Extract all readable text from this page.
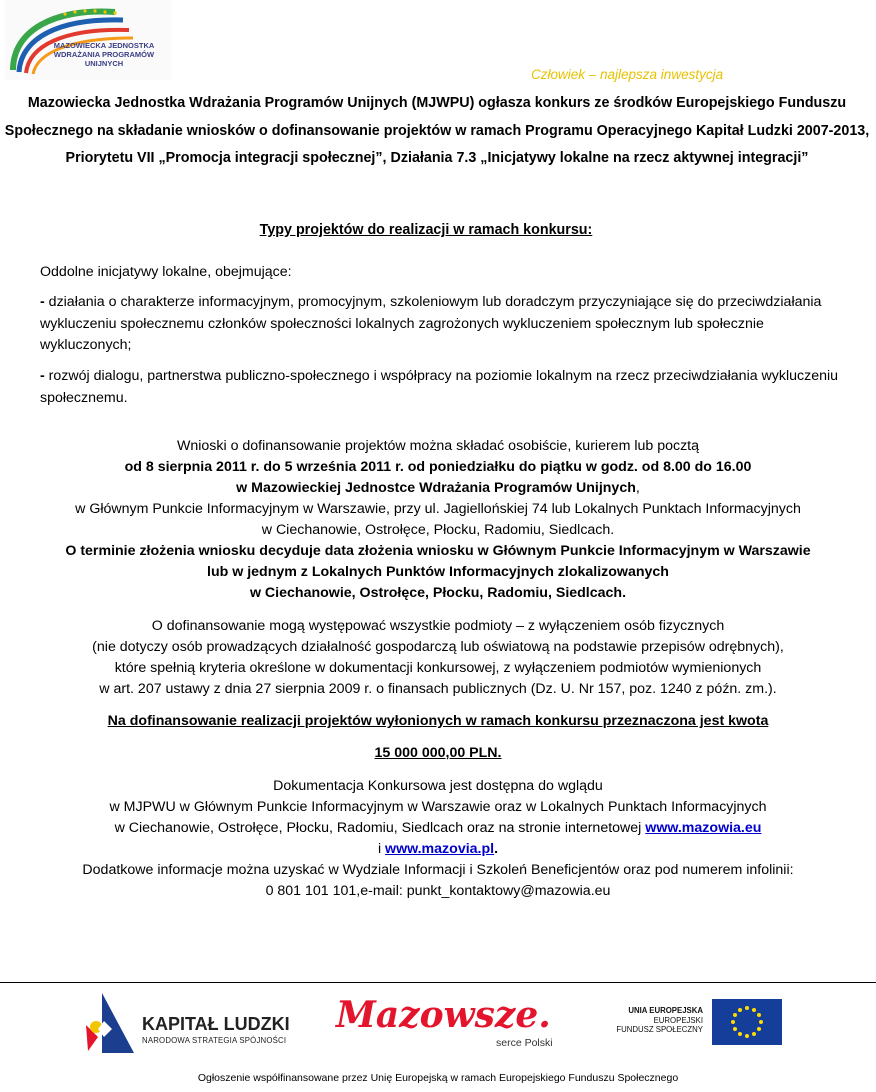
MAZOWIECKA JEDNOSTKA WDRAŻANIA PROGRAMÓW UNIJNYCH
Człowiek – najlepsza inwestycja
Mazowiecka Jednostka Wdrażania Programów Unijnych (MJWPU) ogłasza konkurs ze środków Europejskiego Funduszu Społecznego na składanie wniosków o dofinansowanie projektów w ramach Programu Operacyjnego Kapitał Ludzki 2007-2013, Priorytetu VII „Promocja integracji społecznej”, Działania 7.3 „Inicjatywy lokalne na rzecz aktywnej integracji”
Typy projektów do realizacji w ramach konkursu:
Oddolne inicjatywy lokalne, obejmujące:
- działania o charakterze informacyjnym, promocyjnym, szkoleniowym lub doradczym przyczyniające się do przeciwdziałania wykluczeniu społecznemu członków społeczności lokalnych zagrożonych wykluczeniem społecznym lub społecznie wykluczonych;
- rozwój dialogu, partnerstwa publiczno-społecznego i współpracy na poziomie lokalnym na rzecz przeciwdziałania wykluczeniu społecznemu.
Wnioski o dofinansowanie projektów można składać osobiście, kurierem lub pocztą
od 8 sierpnia 2011 r. do 5 września 2011 r. od poniedziałku do piątku w godz. od 8.00 do 16.00
w Mazowieckiej Jednostce Wdrażania Programów Unijnych,
w Głównym Punkcie Informacyjnym w Warszawie, przy ul. Jagiellońskiej 74 lub Lokalnych Punktach Informacyjnych
w Ciechanowie, Ostrołęce, Płocku, Radomiu, Siedlcach.
O terminie złożenia wniosku decyduje data złożenia wniosku w Głównym Punkcie Informacyjnym w Warszawie
lub w jednym z Lokalnych Punktów Informacyjnych zlokalizowanych
w Ciechanowie, Ostrołęce, Płocku, Radomiu, Siedlcach.
O dofinansowanie mogą występować wszystkie podmioty – z wyłączeniem osób fizycznych
(nie dotyczy osób prowadzących działalność gospodarczą lub oświatową na podstawie przepisów odrębnych),
które spełnią kryteria określone w dokumentacji konkursowej, z wyłączeniem podmiotów wymienionych
w art. 207 ustawy z dnia 27 sierpnia 2009 r. o finansach publicznych (Dz. U. Nr 157, poz. 1240 z późn. zm.).
Na dofinansowanie realizacji projektów wyłonionych w ramach konkursu przeznaczona jest kwota
15 000 000,00 PLN.
Dokumentacja Konkursowa jest dostępna do wglądu
w MJPWU w Głównym Punkcie Informacyjnym w Warszawie oraz w Lokalnych Punktach Informacyjnych
w Ciechanowie, Ostrołęce, Płocku, Radomiu, Siedlcach oraz na stronie internetowej www.mazowia.eu
i www.mazovia.pl.
Dodatkowe informacje można uzyskać w Wydziale Informacji i Szkoleń Beneficjentów oraz pod numerem infolinii:
0 801 101 101,e-mail: punkt_kontaktowy@mazowia.eu
KAPITAŁ LUDZKI
NARODOWA STRATEGIA SPÓJNOŚCI
Mazowsze.
serce Polski
UNIA EUROPEJSKA
EUROPEJSKI
FUNDUSZ SPOŁECZNY
Ogłoszenie współfinansowane przez Unię Europejską w ramach Europejskiego Funduszu Społecznego
